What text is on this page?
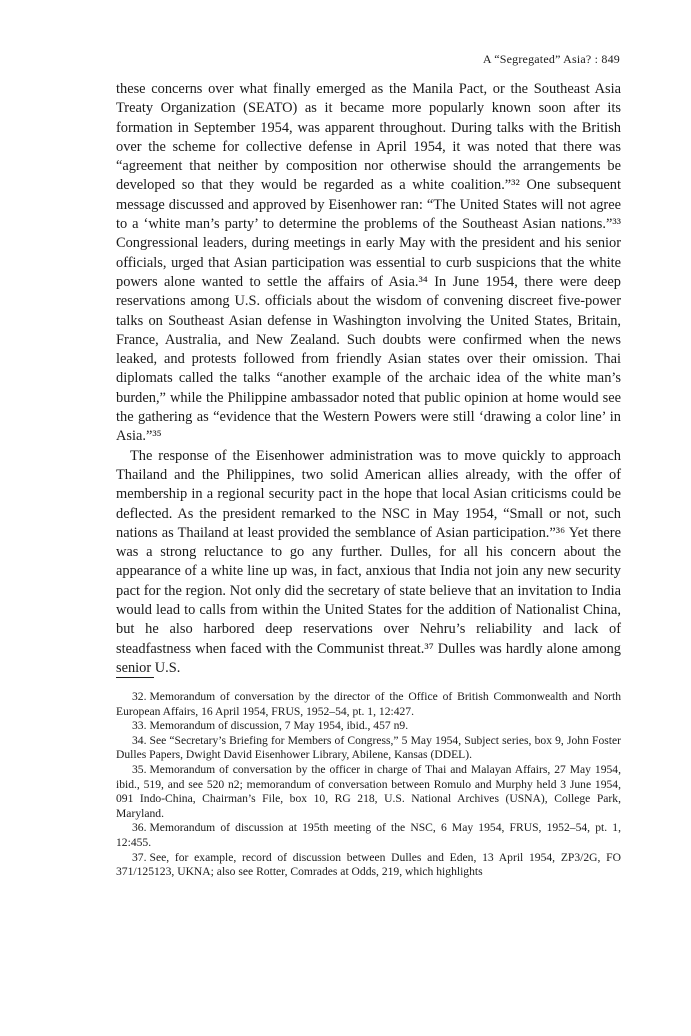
A “Segregated” Asia? : 849

these concerns over what finally emerged as the Manila Pact, or the Southeast Asia Treaty Organization (SEATO) as it became more popularly known soon after its formation in September 1954, was apparent throughout. During talks with the British over the scheme for collective defense in April 1954, it was noted that there was “agreement that neither by composition nor otherwise should the arrangements be developed so that they would be regarded as a white coalition.”³² One subsequent message discussed and approved by Eisenhower ran: “The United States will not agree to a ‘white man’s party’ to determine the problems of the Southeast Asian nations.”³³ Congressional leaders, during meetings in early May with the president and his senior officials, urged that Asian participation was essential to curb suspicions that the white powers alone wanted to settle the affairs of Asia.³⁴ In June 1954, there were deep reservations among U.S. officials about the wisdom of convening discreet five-power talks on Southeast Asian defense in Washington involving the United States, Britain, France, Australia, and New Zealand. Such doubts were confirmed when the news leaked, and protests followed from friendly Asian states over their omission. Thai diplomats called the talks “another example of the archaic idea of the white man’s burden,” while the Philippine ambassador noted that public opinion at home would see the gathering as “evidence that the Western Powers were still ‘drawing a color line’ in Asia.”³⁵

The response of the Eisenhower administration was to move quickly to approach Thailand and the Philippines, two solid American allies already, with the offer of membership in a regional security pact in the hope that local Asian criticisms could be deflected. As the president remarked to the NSC in May 1954, “Small or not, such nations as Thailand at least provided the semblance of Asian participation.”³⁶ Yet there was a strong reluctance to go any further. Dulles, for all his concern about the appearance of a white line up was, in fact, anxious that India not join any new security pact for the region. Not only did the secretary of state believe that an invitation to India would lead to calls from within the United States for the addition of Nationalist China, but he also harbored deep reservations over Nehru’s reliability and lack of steadfastness when faced with the Communist threat.³⁷ Dulles was hardly alone among senior U.S.

32. Memorandum of conversation by the director of the Office of British Commonwealth and North European Affairs, 16 April 1954, FRUS, 1952–54, pt. 1, 12:427.

33. Memorandum of discussion, 7 May 1954, ibid., 457 n9.

34. See “Secretary’s Briefing for Members of Congress,” 5 May 1954, Subject series, box 9, John Foster Dulles Papers, Dwight David Eisenhower Library, Abilene, Kansas (DDEL).

35. Memorandum of conversation by the officer in charge of Thai and Malayan Affairs, 27 May 1954, ibid., 519, and see 520 n2; memorandum of conversation between Romulo and Murphy held 3 June 1954, 091 Indo-China, Chairman’s File, box 10, RG 218, U.S. National Archives (USNA), College Park, Maryland.

36. Memorandum of discussion at 195th meeting of the NSC, 6 May 1954, FRUS, 1952–54, pt. 1, 12:455.

37. See, for example, record of discussion between Dulles and Eden, 13 April 1954, ZP3/2G, FO 371/125123, UKNA; also see Rotter, Comrades at Odds, 219, which highlights
